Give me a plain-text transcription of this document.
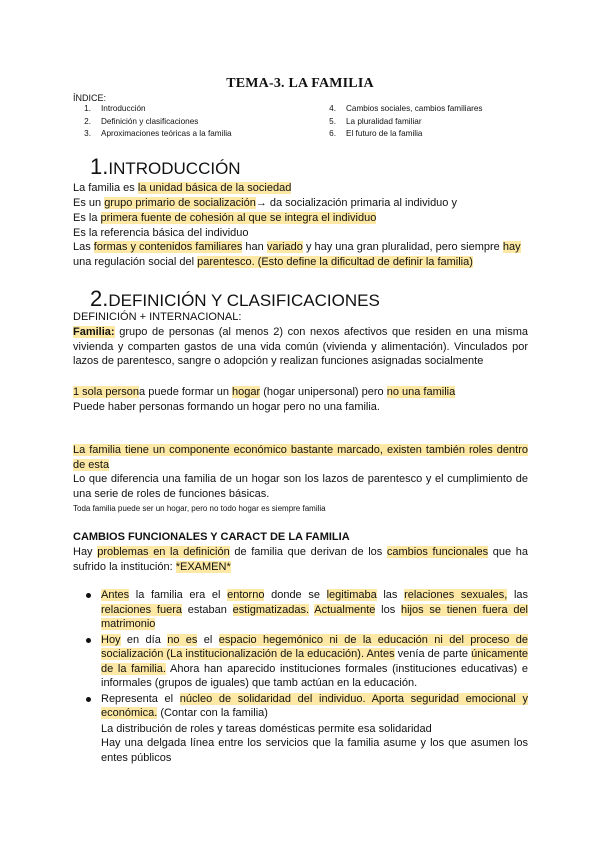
TEMA-3. LA FAMILIA
ÍNDICE:
1. Introducción
2. Definición y clasificaciones
3. Aproximaciones teóricas a la familia
4. Cambios sociales, cambios familiares
5. La pluralidad familiar
6. El futuro de la familia
1.INTRODUCCIÓN
La familia es la unidad básica de la sociedad
Es un grupo primario de socialización→ da socialización primaria al individuo y
Es la primera fuente de cohesión al que se integra el individuo
Es la referencia básica del individuo
Las formas y contenidos familiares han variado y hay una gran pluralidad, pero siempre hay
una regulación social del parentesco. (Esto define la dificultad de definir la familia)
2.DEFINICIÓN Y CLASIFICACIONES
DEFINICIÓN + INTERNACIONAL:
Familia: grupo de personas (al menos 2) con nexos afectivos que residen en una misma vivienda y comparten gastos de una vida común (vivienda y alimentación). Vinculados por lazos de parentesco, sangre o adopción y realizan funciones asignadas socialmente
1 sola persona puede formar un hogar (hogar unipersonal) pero no una familia
Puede haber personas formando un hogar pero no una familia.
La familia tiene un componente económico bastante marcado, existen también roles dentro de esta
Lo que diferencia una familia de un hogar son los lazos de parentesco y el cumplimiento de una serie de roles de funciones básicas.
Toda familia puede ser un hogar, pero no todo hogar es siempre familia
CAMBIOS FUNCIONALES Y CARACT DE LA FAMILIA
Hay problemas en la definición de familia que derivan de los cambios funcionales que ha sufrido la institución: *EXAMEN*
Antes la familia era el entorno donde se legitimaba las relaciones sexuales, las relaciones fuera estaban estigmatizadas. Actualmente los hijos se tienen fuera del matrimonio
Hoy en día no es el espacio hegemónico ni de la educación ni del proceso de socialización (La institucionalización de la educación). Antes venía de parte únicamente de la familia. Ahora han aparecido instituciones formales (instituciones educativas) e informales (grupos de iguales) que tamb actúan en la educación.
Representa el núcleo de solidaridad del individuo. Aporta seguridad emocional y económica. (Contar con la familia)
La distribución de roles y tareas domésticas permite esa solidaridad
Hay una delgada línea entre los servicios que la familia asume y los que asumen los entes públicos
